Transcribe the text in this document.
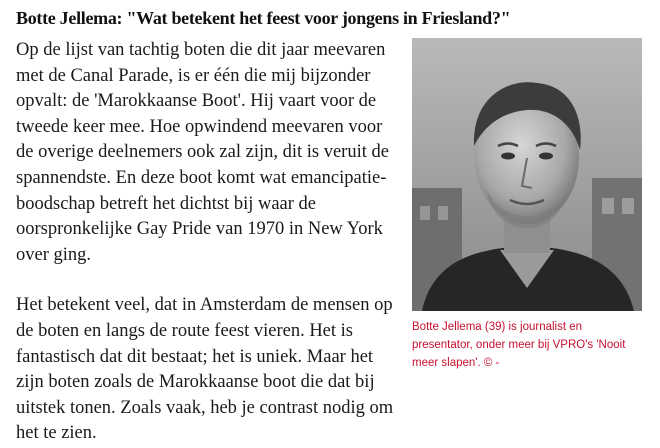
Botte Jellema: "Wat betekent het feest voor jongens in Friesland?"

Op de lijst van tachtig boten die dit jaar meevaren
met de Canal Parade, is er één die mij bijzonder
opvalt: de 'Marokkaanse Boot'. Hij vaart voor de
tweede keer mee. Hoe opwindend meevaren voor
de overige deelnemers ook zal zijn, dit is veruit de
spannendste. En deze boot komt wat emancipatie-
boodschap betreft het dichtst bij waar de
oorspronkelijke Gay Pride van 1970 in New York
over ging.

Het betekent veel, dat in Amsterdam de mensen op
de boten en langs de route feest vieren. Het is
fantastisch dat dit bestaat; het is uniek. Maar het
zijn boten zoals de Marokkaanse boot die dat bij
uitstek tonen. Zoals vaak, heb je contrast nodig om
het te zien.

Botte Jellema (39) is journalist en
presentator, onder meer bij VPRO's 'Nooit
meer slapen'. © -
